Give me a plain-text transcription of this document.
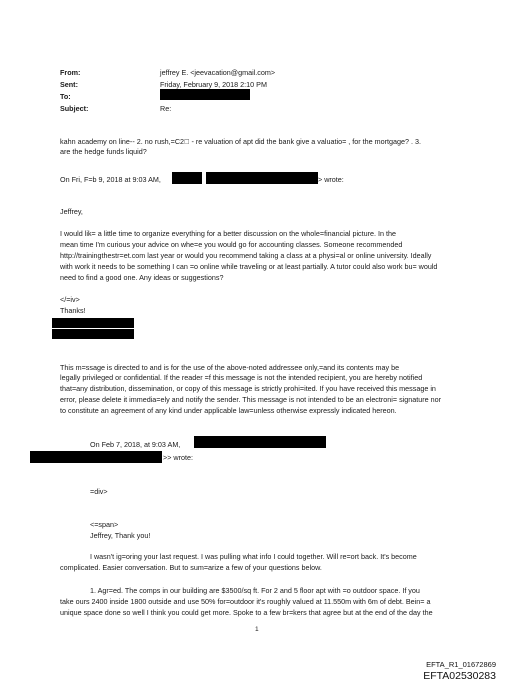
From:
Sent:
To:
Subject:
jeffrey E. <jeevacation@gmail.com>
Friday, February 9, 2018 2:10 PM
Re:
kahn academy on line-- 2. no rush,=C2  - re valuation of apt did the bank give a valuatio= , for the mortgage? . 3.
are the hedge funds liquid?
On Fri, F=b 9, 2018 at 9:03 AM,	> wrote:
Jeffrey,
I would lik= a little time to organize everything for a better discussion on the whole=financial picture. In the
mean time I'm curious your advice on whe=e you would go for accounting classes. Someone recommended
http://trainingthestr=et.com last year or would you recommend taking a class at a physi=al or online university. Ideally
with work it needs to be something I can =o online while traveling or at least partially. A tutor could also work bu= would
need to find a good one. Any ideas or suggestions?
</=iv>
Thanks!
This m=ssage is directed to and is for the use of the above-noted addressee only,=and its contents may be
legally privileged or confidential. If the reader =f this message is not the intended recipient, you are hereby notified
that=any distribution, dissemination, or copy of this message is strictly prohi=ited. If you have received this message in
error, please delete it immedia=ely and notify the sender. This message is not intended to be an electroni= signature nor
to constitute an agreement of any kind under applicable law=unless otherwise expressly indicated hereon.
On Feb 7, 2018, at 9:03 AM,
>> wrote:
=div>
<=span>
Jeffrey, Thank you!
I wasn't ig=oring your last request. I was pulling what info I could together. Will re=ort back. It's become
complicated. Easier conversation. But to sum=arize a few of your questions below.
1. Agr=ed. The comps in our building are $3500/sq ft. For 2 and 5 floor apt with =o outdoor space. If you
take ours 2400 inside 1800 outside and use 50% for=outdoor it's roughly valued at 11.550m with 6m of debt. Bein= a
unique space done so well I think you could get more. Spoke to a few br=kers that agree but at the end of the day the
1
EFTA_R1_01672869
EFTA02530283
